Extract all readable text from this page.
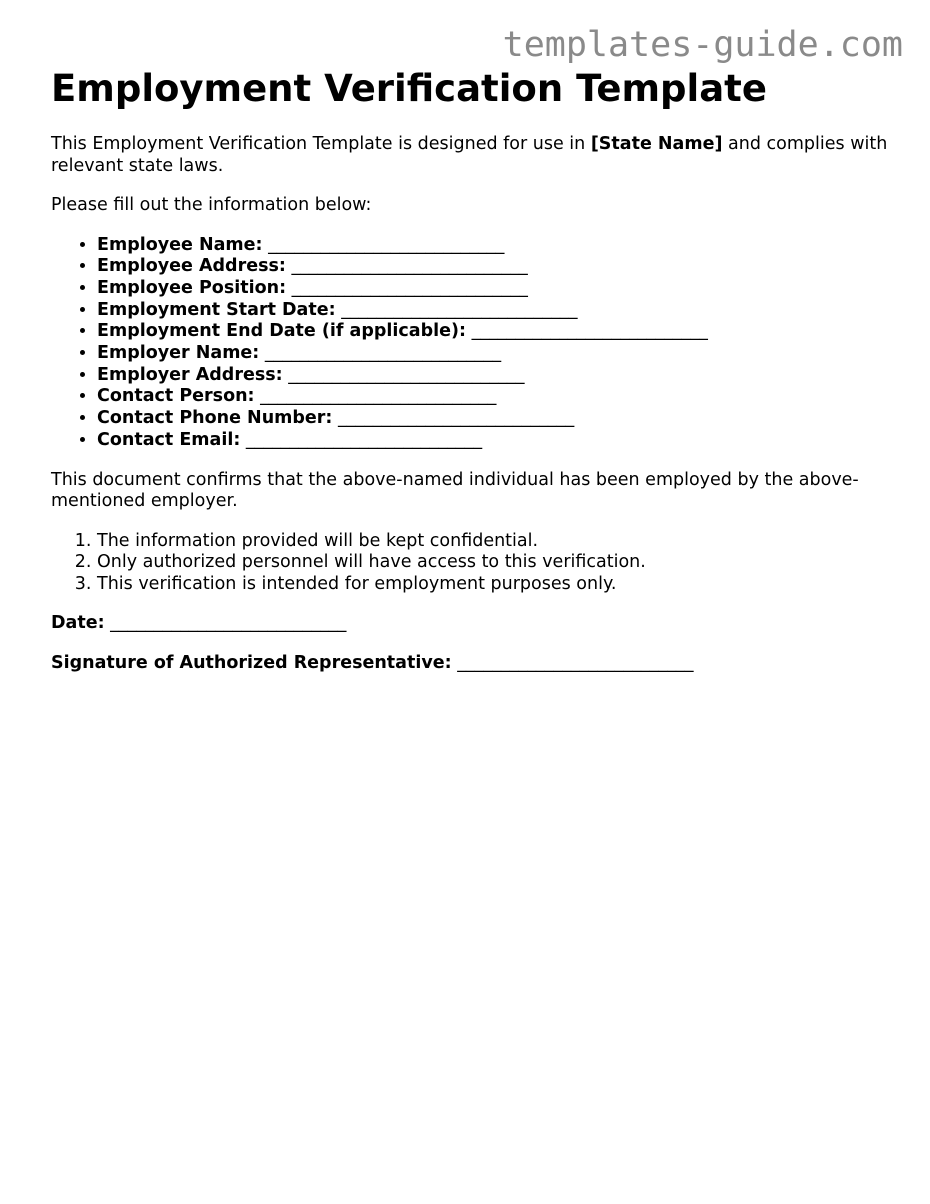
templates-guide.com
Employment Verification Template

This Employment Verification Template is designed for use in [State Name] and complies with relevant state laws.

Please fill out the information below:

• Employee Name: ___________________________
• Employee Address: ___________________________
• Employee Position: ___________________________
• Employment Start Date: ___________________________
• Employment End Date (if applicable): ___________________________
• Employer Name: ___________________________
• Employer Address: ___________________________
• Contact Person: ___________________________
• Contact Phone Number: ___________________________
• Contact Email: ___________________________

This document confirms that the above-named individual has been employed by the above-mentioned employer.

1. The information provided will be kept confidential.
2. Only authorized personnel will have access to this verification.
3. This verification is intended for employment purposes only.
Date: ___________________________
Signature of Authorized Representative: ___________________________
